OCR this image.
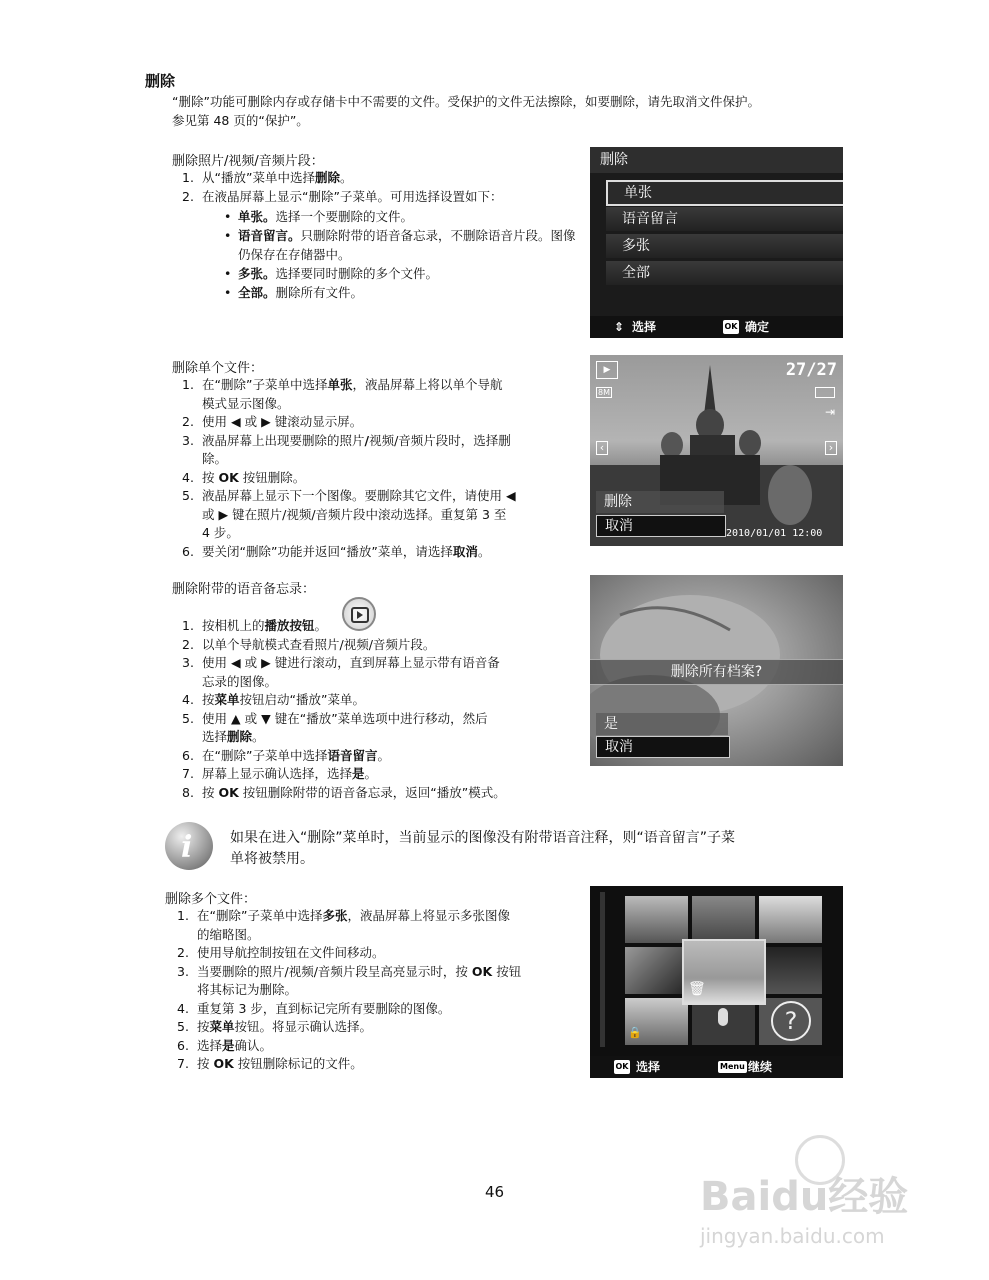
删除
“删除”功能可删除内存或存储卡中不需要的文件。受保护的文件无法擦除，如要删除，请先取消文件保护。
参见第 48 页的“保护”。
删除照片/视频/音频片段：
1. 从“播放”菜单中选择删除。
2. 在液晶屏幕上显示“删除”子菜单。可用选择设置如下：
• 单张。选择一个要删除的文件。
• 语音留言。只删除附带的语音备忘录，不删除语音片段。图像仍保存在存储器中。
• 多张。选择要同时删除的多个文件。
• 全部。删除所有文件。
删除
单张
语音留言
多张
全部
⇕ 选择	OK 确定
删除单个文件：
1. 在“删除”子菜单中选择单张，液晶屏幕上将以单个导航
模式显示图像。
2. 使用 ◀ 或 ▶ 键滚动显示屏。
3. 液晶屏幕上出现要删除的照片/视频/音频片段时，选择删
除。
4. 按 OK 按钮删除。
5. 液晶屏幕上显示下一个图像。要删除其它文件，请使用 ◀
或 ▶ 键在照片/视频/音频片段中滚动选择。重复第 3 至
4 步。
6. 要关闭“删除”功能并返回“播放”菜单，请选择取消。
▶
8M
27/27
⇥
‹	›
删除
取消	2010/01/01 12:00
删除附带的语音备忘录：
1. 按相机上的播放按钮。
2. 以单个导航模式查看照片/视频/音频片段。
3. 使用 ◀ 或 ▶ 键进行滚动，直到屏幕上显示带有语音备
忘录的图像。
4. 按菜单按钮启动“播放”菜单。
5. 使用 ▲ 或 ▼ 键在“播放”菜单选项中进行移动，然后
选择删除。
6. 在“删除”子菜单中选择语音留言。
7. 屏幕上显示确认选择，选择是。
8. 按 OK 按钮删除附带的语音备忘录，返回“播放”模式。
删除所有档案?
是
取消
i	如果在进入“删除”菜单时，当前显示的图像没有附带语音注释，则“语音留言”子菜
单将被禁用。
删除多个文件：
1. 在“删除”子菜单中选择多张，液晶屏幕上将显示多张图像
的缩略图。
2. 使用导航控制按钮在文件间移动。
3. 当要删除的照片/视频/音频片段呈高亮显示时，按 OK 按钮
将其标记为删除。
4. 重复第 3 步，直到标记完所有要删除的图像。
5. 按菜单按钮。将显示确认选择。
6. 选择是确认。
7. 按 OK 按钮删除标记的文件。
?
🗑
🔒
OK 选择	Menu 继续
46	Baidu经验
jingyan.baidu.com
